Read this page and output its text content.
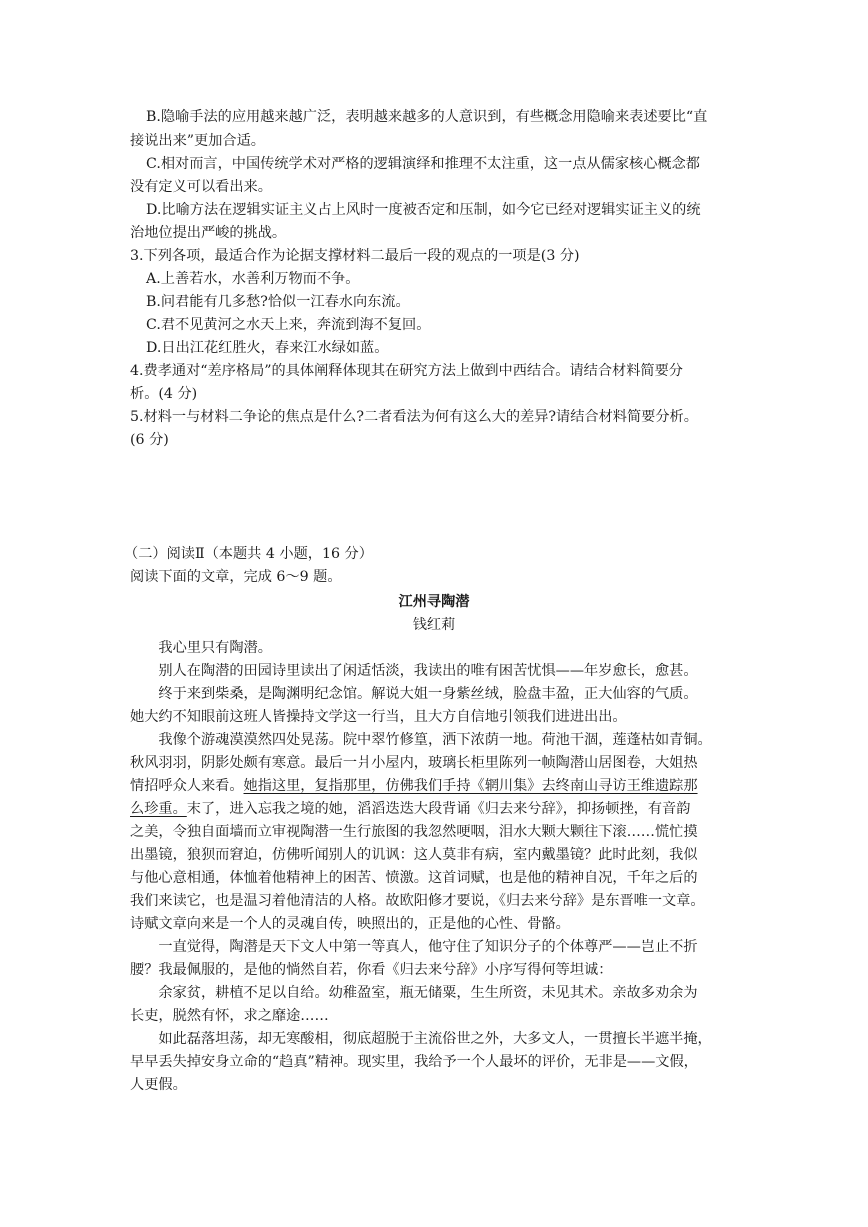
B.隐喻手法的应用越来越广泛，表明越来越多的人意识到，有些概念用隐喻来表述要比“直
接说出来”更加合适。
C.相对而言，中国传统学术对严格的逻辑演绎和推理不太注重，这一点从儒家核心概念都
没有定义可以看出来。
D.比喻方法在逻辑实证主义占上风时一度被否定和压制，如今它已经对逻辑实证主义的统
治地位提出严峻的挑战。
3.下列各项，最适合作为论据支撑材料二最后一段的观点的一项是(3 分)
A.上善若水，水善利万物而不争。
B.问君能有几多愁?恰似一江春水向东流。
C.君不见黄河之水天上来，奔流到海不复回。
D.日出江花红胜火，春来江水绿如蓝。
4.费孝通对“差序格局”的具体阐释体现其在研究方法上做到中西结合。请结合材料简要分
析。(4 分)
5.材料一与材料二争论的焦点是什么?二者看法为何有这么大的差异?请结合材料简要分析。
(6 分)
（二）阅读Ⅱ（本题共 4 小题，16 分）
阅读下面的文章，完成 6～9 题。
江州寻陶潜
钱红莉
　　我心里只有陶潜。
　　别人在陶潜的田园诗里读出了闲适恬淡，我读出的唯有困苦忧惧——年岁愈长，愈甚。
　　终于来到柴桑，是陶渊明纪念馆。解说大姐一身紫丝绒，脸盘丰盈，正大仙容的气质。
她大约不知眼前这班人皆操持文学这一行当，且大方自信地引领我们进进出出。
　　我像个游魂漠漠然四处晃荡。院中翠竹修篁，洒下浓荫一地。荷池干涸，莲蓬枯如青铜。
秋风羽羽，阴影处颇有寒意。最后一爿小屋内，玻璃长柜里陈列一帧陶潜山居图卷，大姐热
情招呼众人来看。她指这里，复指那里，仿佛我们手持《辋川集》去终南山寻访王维遗踪那
么珍重。末了，进入忘我之境的她，滔滔迭迭大段背诵《归去来兮辞》，抑扬顿挫，有音韵
之美，令独自面墙而立审视陶潜一生行旅图的我忽然哽咽，泪水大颗大颗往下滚……慌忙摸
出墨镜，狼狈而窘迫，仿佛听闻别人的讥讽：这人莫非有病，室内戴墨镜？此时此刻，我似
与他心意相通，体恤着他精神上的困苦、愤激。这首词赋，也是他的精神自况，千年之后的
我们来读它，也是温习着他清洁的人格。故欧阳修才要说，《归去来兮辞》是东晋唯一文章。
诗赋文章向来是一个人的灵魂自传，映照出的，正是他的心性、骨骼。
　　一直觉得，陶潜是天下文人中第一等真人，他守住了知识分子的个体尊严——岂止不折
腰？我最佩服的，是他的惝然自若，你看《归去来兮辞》小序写得何等坦诚：
　　余家贫，耕植不足以自给。幼稚盈室，瓶无储粟，生生所资，未见其术。亲故多劝余为
长吏，脱然有怀，求之靡途……
　　如此磊落坦荡，却无寒酸相，彻底超脱于主流俗世之外，大多文人，一贯擅长半遮半掩，
早早丢失掉安身立命的“趋真”精神。现实里，我给予一个人最坏的评价，无非是——文假，
人更假。
